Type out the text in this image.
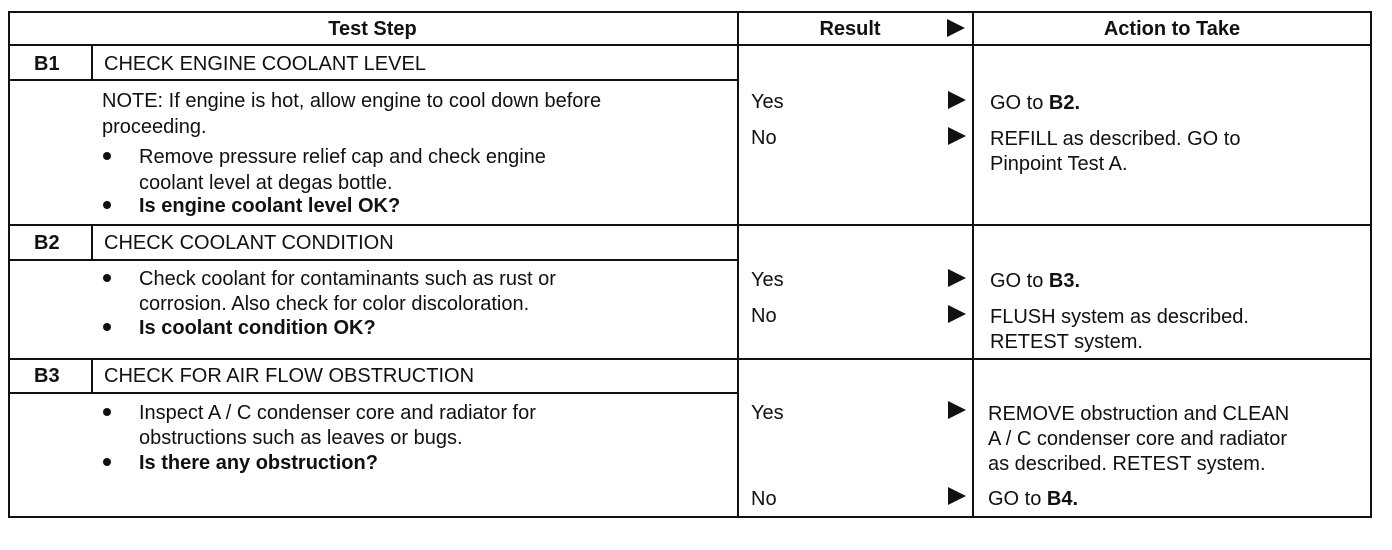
Test Step	Result	Action to Take
B1 CHECK ENGINE COOLANT LEVEL
NOTE: If engine is hot, allow engine to cool down before
proceeding.
Remove pressure relief cap and check engine
coolant level at degas bottle.
Is engine coolant level OK?
Yes
No
GO to B2.
REFILL as described. GO to
Pinpoint Test A.
B2 CHECK COOLANT CONDITION
Check coolant for contaminants such as rust or
corrosion. Also check for color discoloration.
Is coolant condition OK?
Yes
No
GO to B3.
FLUSH system as described.
RETEST system.
B3 CHECK FOR AIR FLOW OBSTRUCTION
Inspect A / C condenser core and radiator for
obstructions such as leaves or bugs.
Is there any obstruction?
Yes
No
REMOVE obstruction and CLEAN
A / C condenser core and radiator
as described. RETEST system.
GO to B4.
